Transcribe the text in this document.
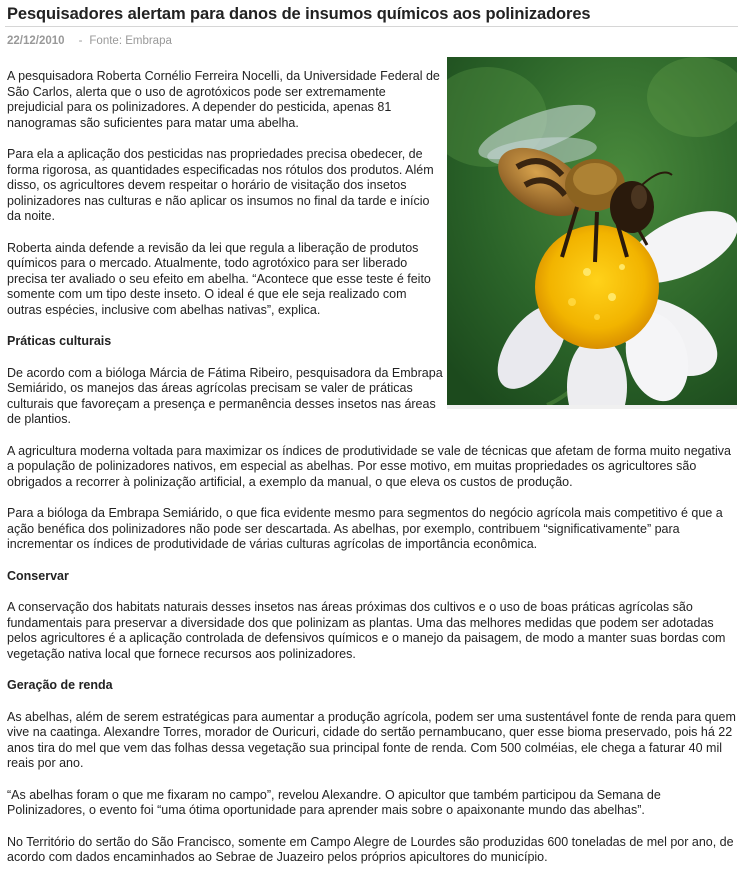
Pesquisadores alertam para danos de insumos químicos aos polinizadores
22/12/2010 - Fonte: Embrapa

A pesquisadora Roberta Cornélio Ferreira Nocelli, da Universidade Federal de São Carlos, alerta que o uso de agrotóxicos pode ser extremamente prejudicial para os polinizadores. A depender do pesticida, apenas 81 nanogramas são suficientes para matar uma abelha.

Para ela a aplicação dos pesticidas nas propriedades precisa obedecer, de forma rigorosa, as quantidades especificadas nos rótulos dos produtos. Além disso, os agricultores devem respeitar o horário de visitação dos insetos polinizadores nas culturas e não aplicar os insumos no final da tarde e início da noite.

Roberta ainda defende a revisão da lei que regula a liberação de produtos químicos para o mercado. Atualmente, todo agrotóxico para ser liberado precisa ter avaliado o seu efeito em abelha. “Acontece que esse teste é feito somente com um tipo deste inseto. O ideal é que ele seja realizado com outras espécies, inclusive com abelhas nativas”, explica.

Práticas culturais

De acordo com a bióloga Márcia de Fátima Ribeiro, pesquisadora da Embrapa Semiárido, os manejos das áreas agrícolas precisam se valer de práticas culturais que favoreçam a presença e permanência desses insetos nas áreas de plantios.

A agricultura moderna voltada para maximizar os índices de produtividade se vale de técnicas que afetam de forma muito negativa a população de polinizadores nativos, em especial as abelhas. Por esse motivo, em muitas propriedades os agricultores são obrigados a recorrer à polinização artificial, a exemplo da manual, o que eleva os custos de produção.

Para a bióloga da Embrapa Semiárido, o que fica evidente mesmo para segmentos do negócio agrícola mais competitivo é que a ação benéfica dos polinizadores não pode ser descartada. As abelhas, por exemplo, contribuem “significativamente” para incrementar os índices de produtividade de várias culturas agrícolas de importância econômica.

Conservar

A conservação dos habitats naturais desses insetos nas áreas próximas dos cultivos e o uso de boas práticas agrícolas são fundamentais para preservar a diversidade dos que polinizam as plantas. Uma das melhores medidas que podem ser adotadas pelos agricultores é a aplicação controlada de defensivos químicos e o manejo da paisagem, de modo a manter suas bordas com vegetação nativa local que fornece recursos aos polinizadores.

Geração de renda

As abelhas, além de serem estratégicas para aumentar a produção agrícola, podem ser uma sustentável fonte de renda para quem vive na caatinga. Alexandre Torres, morador de Ouricuri, cidade do sertão pernambucano, quer esse bioma preservado, pois há 22 anos tira do mel que vem das folhas dessa vegetação sua principal fonte de renda. Com 500 colméias, ele chega a faturar 40 mil reais por ano.

“As abelhas foram o que me fixaram no campo”, revelou Alexandre. O apicultor que também participou da Semana de Polinizadores, o evento foi “uma ótima oportunidade para aprender mais sobre o apaixonante mundo das abelhas”.

No Território do sertão do São Francisco, somente em Campo Alegre de Lourdes são produzidas 600 toneladas de mel por ano, de acordo com dados encaminhados ao Sebrae de Juazeiro pelos próprios apicultores do município.
